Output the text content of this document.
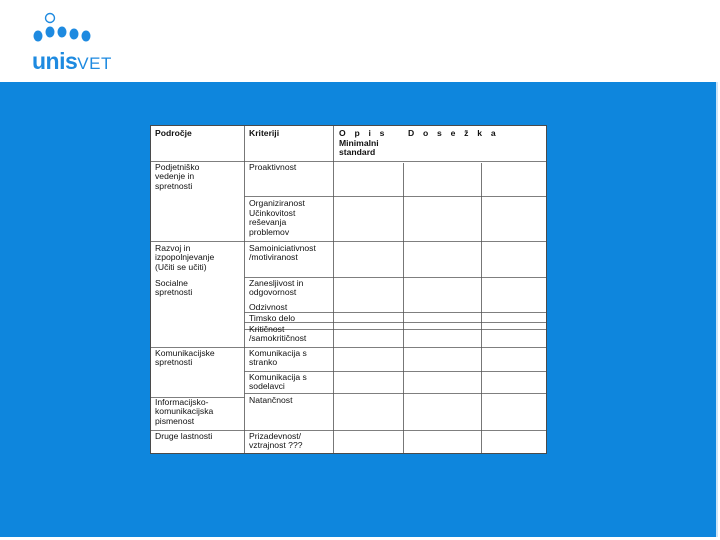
unisVET
Področje	Kriteriji	O p i s
Minimalni
standard
D o s e ž k a
Podjetniško
vedenje in
spretnosti
Razvoj in
izpopolnjevanje
(Učiti se učiti)
Socialne
spretnosti
Komunikacijske
spretnosti
Informacijsko-
komunikacijska
pismenost
Druge lastnosti
Proaktivnost
Organiziranost
Učinkovitost
reševanja
problemov
Samoiniciativnost
/motiviranost
Zanesljivost in
odgovornost
Odzivnost
Timsko delo
Kritičnost
/samokritičnost
Komunikacija s
stranko
Komunikacija s
sodelavci
Natančnost
Prizadevnost/
vztrajnost ???
